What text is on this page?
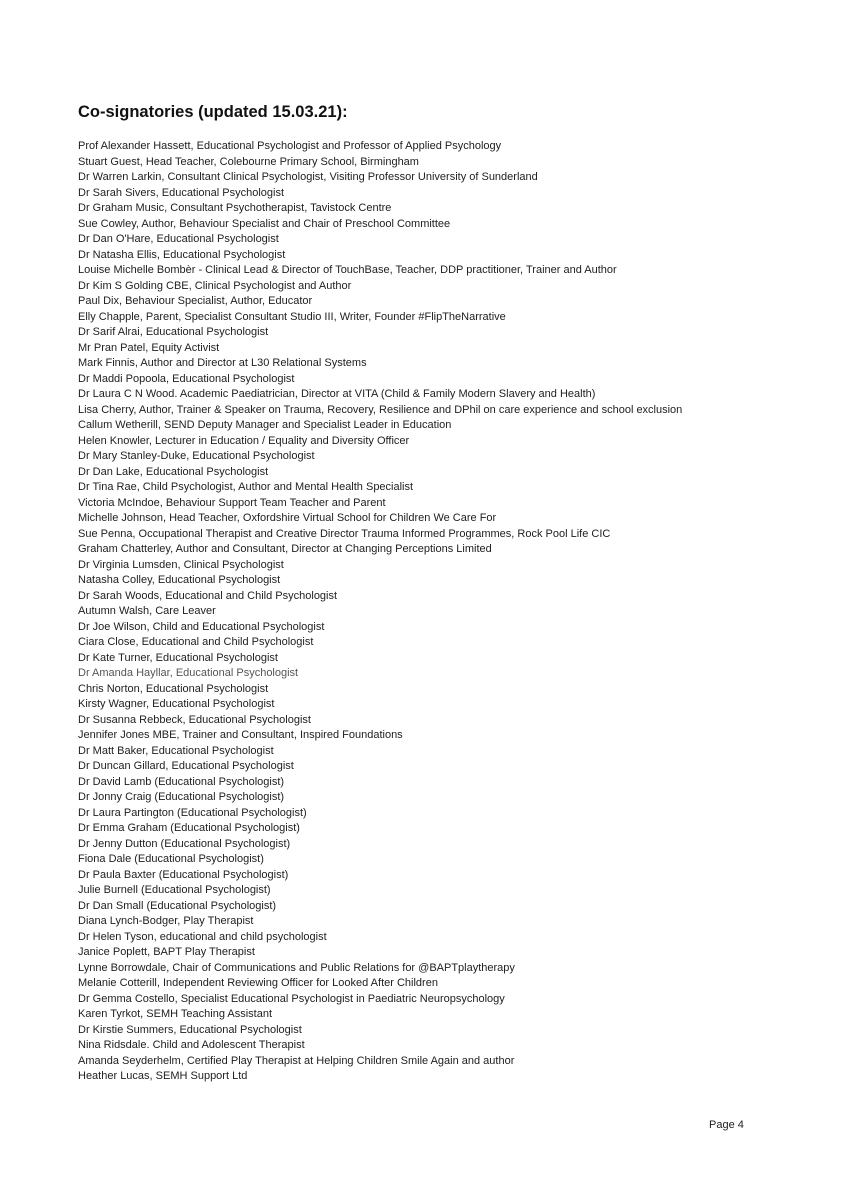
Co-signatories (updated 15.03.21):
Prof Alexander Hassett, Educational Psychologist and Professor of Applied Psychology
Stuart Guest, Head Teacher, Colebourne Primary School, Birmingham
Dr Warren Larkin, Consultant Clinical Psychologist, Visiting Professor University of Sunderland
Dr Sarah Sivers, Educational Psychologist
Dr Graham Music, Consultant Psychotherapist, Tavistock Centre
Sue Cowley, Author, Behaviour Specialist and Chair of Preschool Committee
Dr Dan O'Hare, Educational Psychologist
Dr Natasha Ellis, Educational Psychologist
Louise Michelle Bombèr - Clinical Lead & Director of TouchBase, Teacher, DDP practitioner, Trainer and Author
Dr Kim S Golding CBE, Clinical Psychologist and Author
Paul Dix, Behaviour Specialist, Author, Educator
Elly Chapple, Parent, Specialist Consultant Studio III, Writer, Founder #FlipTheNarrative
Dr Sarif Alrai, Educational Psychologist
Mr Pran Patel, Equity Activist
Mark Finnis, Author and Director at L30 Relational Systems
Dr Maddi Popoola, Educational Psychologist
Dr Laura C N Wood. Academic Paediatrician, Director at VITA (Child & Family Modern Slavery and Health)
Lisa Cherry, Author, Trainer & Speaker on Trauma, Recovery, Resilience and DPhil on care experience and school exclusion
Callum Wetherill, SEND Deputy Manager and Specialist Leader in Education
Helen Knowler, Lecturer in Education / Equality and Diversity Officer
Dr Mary Stanley-Duke, Educational Psychologist
Dr Dan Lake, Educational Psychologist
Dr Tina Rae, Child Psychologist, Author and Mental Health Specialist
Victoria McIndoe, Behaviour Support Team Teacher and Parent
Michelle Johnson, Head Teacher, Oxfordshire Virtual School for Children We Care For
Sue Penna, Occupational Therapist and Creative Director Trauma Informed Programmes, Rock Pool Life CIC
Graham Chatterley, Author and Consultant, Director at Changing Perceptions Limited
Dr Virginia Lumsden, Clinical Psychologist
Natasha Colley, Educational Psychologist
Dr Sarah Woods, Educational and Child Psychologist
Autumn Walsh, Care Leaver
Dr Joe Wilson, Child and Educational Psychologist
Ciara Close, Educational and Child Psychologist
Dr Kate Turner, Educational Psychologist
Dr Amanda Hayllar, Educational Psychologist
Chris Norton, Educational Psychologist
Kirsty Wagner, Educational Psychologist
Dr Susanna Rebbeck, Educational Psychologist
Jennifer Jones MBE, Trainer and Consultant, Inspired Foundations
Dr Matt Baker, Educational Psychologist
Dr Duncan Gillard, Educational Psychologist
Dr David Lamb (Educational Psychologist)
Dr Jonny Craig (Educational Psychologist)
Dr Laura Partington (Educational Psychologist)
Dr Emma Graham (Educational Psychologist)
Dr Jenny Dutton (Educational Psychologist)
Fiona Dale (Educational Psychologist)
Dr Paula Baxter (Educational Psychologist)
Julie Burnell (Educational Psychologist)
Dr Dan Small (Educational Psychologist)
Diana Lynch-Bodger, Play Therapist
Dr Helen Tyson, educational and child psychologist
Janice Poplett, BAPT Play Therapist
Lynne Borrowdale, Chair of Communications and Public Relations for @BAPTplaytherapy
Melanie Cotterill, Independent Reviewing Officer for Looked After Children
Dr Gemma Costello, Specialist Educational Psychologist in Paediatric Neuropsychology
Karen Tyrkot, SEMH Teaching Assistant
Dr Kirstie Summers, Educational Psychologist
Nina Ridsdale. Child and Adolescent Therapist
Amanda Seyderhelm, Certified Play Therapist at Helping Children Smile Again and author
Heather Lucas, SEMH Support Ltd
Page 4
